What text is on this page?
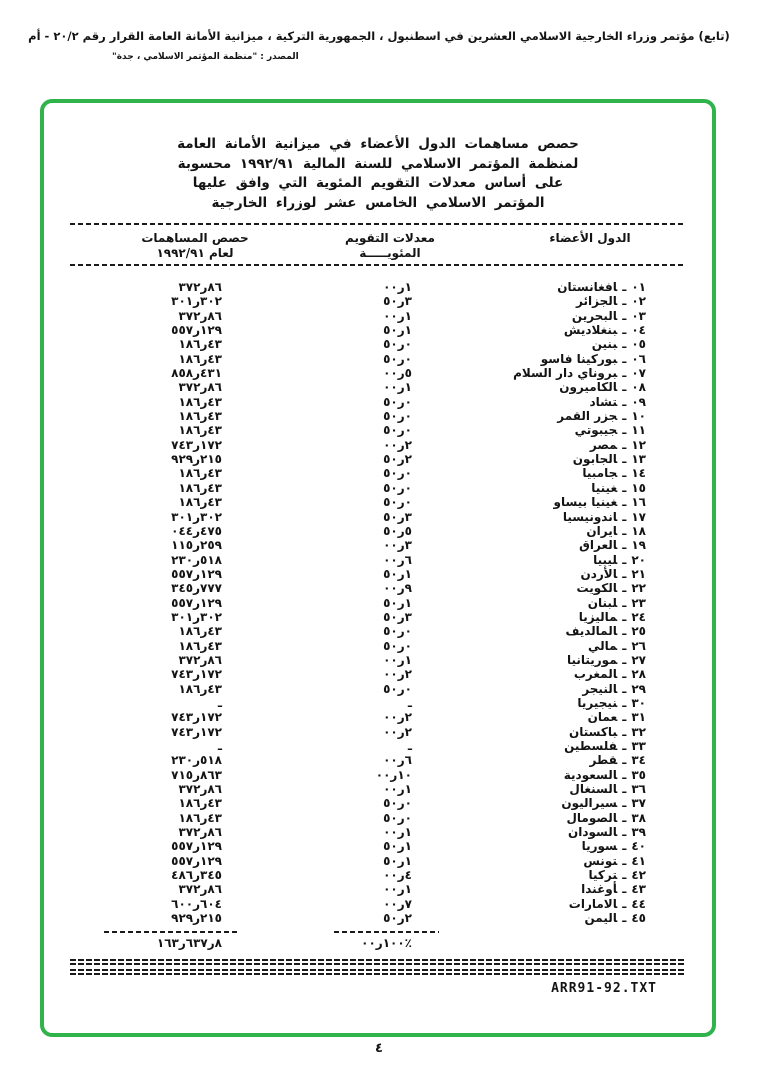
(تابع) مؤتمر وزراء الخارجية الاسلامي العشرين في اسطنبول ، الجمهورية التركية ، ميزانية الأمانة العامة القرار رقم ٢٠/٢ - أم
المصدر : "منظمة المؤتمر الاسلامي ، جدة"
حصص مساهمات الدول الأعضاء في ميزانية الأمانة العامة
لمنظمة المؤتمر الاسلامي للسنة المالية ١٩٩٢/٩١ محسوبة
على أساس معدلات التقويم المئوية التي وافق عليها
المؤتمر الاسلامي الخامس عشر لوزراء الخارجية
حصص المساهمات
لعام ١٩٩٢/٩١
معدلات التقويم
المئويـــــة
الدول الأعضاء
٣٧٢ر٨٦	٠٠ر١	٠١ـافغانستان
٣٠١ر٣٠٢	٥٠ر٣	٠٢ـالجزائر
٣٧٢ر٨٦	٠٠ر١	٠٣ـالبحرين
٥٥٧ر١٢٩	٥٠ر١	٠٤ـبنغلاديش
١٨٦ر٤٣	٥٠ر٠	٠٥ـبنين
١٨٦ر٤٣	٥٠ر٠	٠٦ـبوركينا فاسو
٨٥٨ر٤٣١	٠٠ر٥	٠٧ـبروناي دار السلام
٣٧٢ر٨٦	٠٠ر١	٠٨ـالكاميرون
١٨٦ر٤٣	٥٠ر٠	٠٩ـتشاد
١٨٦ر٤٣	٥٠ر٠	١٠ـجزر القمر
١٨٦ر٤٣	٥٠ر٠	١١ـجيبوتي
٧٤٣ر١٧٢	٠٠ر٢	١٢ـمصر
٩٢٩ر٢١٥	٥٠ر٢	١٣ـالجابون
١٨٦ر٤٣	٥٠ر٠	١٤ـجامبيا
١٨٦ر٤٣	٥٠ر٠	١٥ـغينيا
١٨٦ر٤٣	٥٠ر٠	١٦ـغينيا بيساو
٣٠١ر٣٠٢	٥٠ر٣	١٧ـاندونيسيا
٠٤٤ر٤٧٥	٥٠ر٥	١٨ـايران
١١٥ر٢٥٩	٠٠ر٣	١٩ـالعراق
٢٣٠ر٥١٨	٠٠ر٦	٢٠ـليبيا
٥٥٧ر١٢٩	٥٠ر١	٢١ـالأردن
٣٤٥ر٧٧٧	٠٠ر٩	٢٢ـالكويت
٥٥٧ر١٢٩	٥٠ر١	٢٣ـلبنان
٣٠١ر٣٠٢	٥٠ر٣	٢٤ـماليزيا
١٨٦ر٤٣	٥٠ر٠	٢٥ـالمالديف
١٨٦ر٤٣	٥٠ر٠	٢٦ـمالي
٣٧٢ر٨٦	٠٠ر١	٢٧ـموريتانيا
٧٤٣ر١٧٢	٠٠ر٢	٢٨ـالمغرب
١٨٦ر٤٣	٥٠ر٠	٢٩ـالنيجر
ـ	ـ	٣٠ـنيجيريا
٧٤٣ر١٧٢	٠٠ر٢	٣١ـعمان
٧٤٣ر١٧٢	٠٠ر٢	٣٢ـباكستان
ـ	ـ	٣٣ـفلسطين
٢٣٠ر٥١٨	٠٠ر٦	٣٤ـقطر
٧١٥ر٨٦٣	٠٠ر١٠	٣٥ـالسعودية
٣٧٢ر٨٦	٠٠ر١	٣٦ـالسنغال
١٨٦ر٤٣	٥٠ر٠	٣٧ـسيراليون
١٨٦ر٤٣	٥٠ر٠	٣٨ـالصومال
٣٧٢ر٨٦	٠٠ر١	٣٩ـالسودان
٥٥٧ر١٢٩	٥٠ر١	٤٠ـسوريا
٥٥٧ر١٢٩	٥٠ر١	٤١ـتونس
٤٨٦ر٣٤٥	٠٠ر٤	٤٢ـتركيا
٣٧٢ر٨٦	٠٠ر١	٤٣ـأوغندا
٦٠٠ر٦٠٤	٠٠ر٧	٤٤ـالامارات
٩٢٩ر٢١٥	٥٠ر٢	٤٥ـاليمن
١٦٣ر٦٣٧ر٨	٠٠ر١٠٠٪
ARR91-92.TXT
٤
